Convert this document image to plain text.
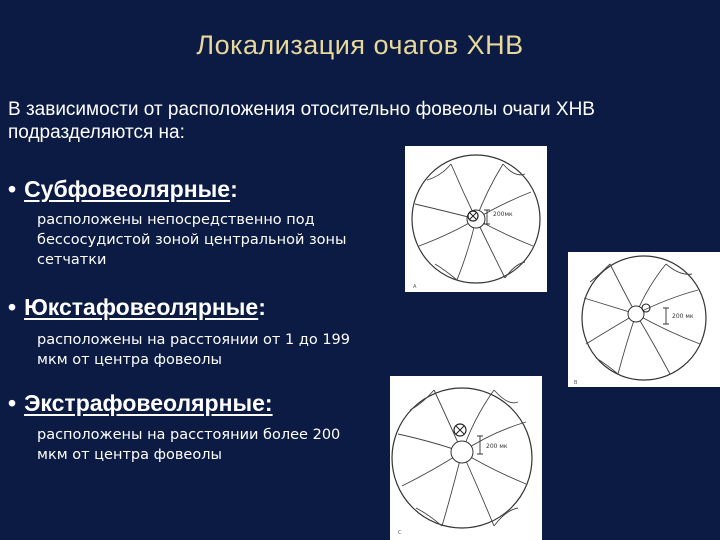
Локализация очагов ХНВ
В зависимости от расположения отосительно фовеолы очаги ХНВ подразделяются на:
• Субфовеолярные:
расположены непосредственно под
бессосудистой зоной центральной зоны
сетчатки
• Юкстафовеолярные:
расположены на расстоянии от 1 до 199
мкм от центра фовеолы
• Экстрафовеолярные:
расположены на расстоянии более 200
мкм от центра фовеолы
200мк
A
200 мк
B
200 мк
C
